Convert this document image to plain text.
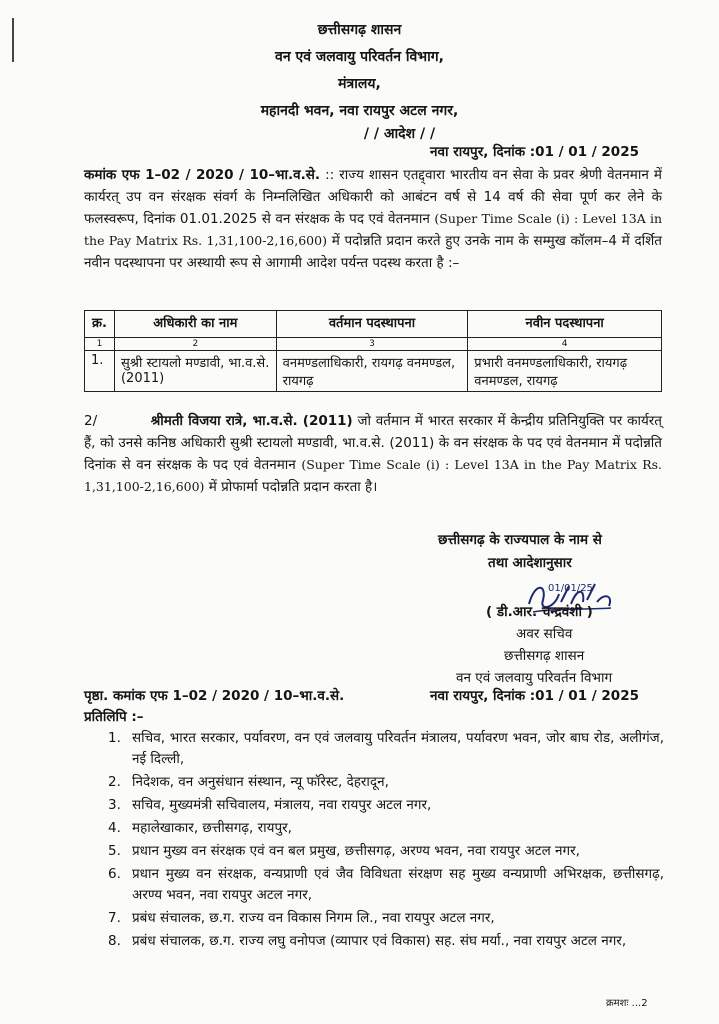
छत्तीसगढ़ शासन
वन एवं जलवायु परिवर्तन विभाग,
मंत्रालय,
महानदी भवन, नवा रायपुर अटल नगर,
/ / आदेश / /
नवा रायपुर, दिनांक :01 / 01 / 2025
कमांक एफ 1–02 / 2020 / 10–भा.व.से. :: राज्य शासन एतद्द्वारा भारतीय वन सेवा के प्रवर श्रेणी वेतनमान में कार्यरत् उप वन संरक्षक संवर्ग के निम्नलिखित अधिकारी को आबंटन वर्ष से 14 वर्ष की सेवा पूर्ण कर लेने के फलस्वरूप, दिनांक 01.01.2025 से वन संरक्षक के पद एवं वेतनमान (Super Time Scale (i) : Level 13A in the Pay Matrix Rs. 1,31,100-2,16,600) में पदोन्नति प्रदान करते हुए उनके नाम के सम्मुख कॉलम–4 में दर्शित नवीन पदस्थापना पर अस्थायी रूप से आगामी आदेश पर्यन्त पदस्थ करता है :–
क्र.	अधिकारी का नाम	वर्तमान पदस्थापना	नवीन पदस्थापना
1	2	3	4
1.	सुश्री स्टायलो मण्डावी, भा.व.से. (2011)	वनमण्डलाधिकारी, रायगढ़ वनमण्डल, रायगढ़	प्रभारी वनमण्डलाधिकारी, रायगढ़ वनमण्डल, रायगढ़
2/	श्रीमती विजया रात्रे, भा.व.से. (2011) जो वर्तमान में भारत सरकार में केन्द्रीय प्रतिनियुक्ति पर कार्यरत् हैं, को उनसे कनिष्ठ अधिकारी सुश्री स्टायलो मण्डावी, भा.व.से. (2011) के वन संरक्षक के पद एवं वेतनमान में पदोन्नति दिनांक से वन संरक्षक के पद एवं वेतनमान (Super Time Scale (i) : Level 13A in the Pay Matrix Rs. 1,31,100-2,16,600) में प्रोफार्मा पदोन्नति प्रदान करता है।
छत्तीसगढ़ के राज्यपाल के नाम से
तथा आदेशानुसार
01/01/25
( डी.आर. चन्द्रवंशी )
अवर सचिव
छत्तीसगढ़ शासन
वन एवं जलवायु परिवर्तन विभाग
पृष्ठा. कमांक एफ 1–02 / 2020 / 10–भा.व.से.	नवा रायपुर, दिनांक :01 / 01 / 2025
प्रतिलिपि :–
1. सचिव, भारत सरकार, पर्यावरण, वन एवं जलवायु परिवर्तन मंत्रालय, पर्यावरण भवन, जोर बाघ रोड, अलीगंज, नई दिल्ली,
2. निदेशक, वन अनुसंधान संस्थान, न्यू फॉरेस्ट, देहरादून,
3. सचिव, मुख्यमंत्री सचिवालय, मंत्रालय, नवा रायपुर अटल नगर,
4. महालेखाकार, छत्तीसगढ़, रायपुर,
5. प्रधान मुख्य वन संरक्षक एवं वन बल प्रमुख, छत्तीसगढ़, अरण्य भवन, नवा रायपुर अटल नगर,
6. प्रधान मुख्य वन संरक्षक, वन्यप्राणी एवं जैव विविधता संरक्षण सह मुख्य वन्यप्राणी अभिरक्षक, छत्तीसगढ़, अरण्य भवन, नवा रायपुर अटल नगर,
7. प्रबंध संचालक, छ.ग. राज्य वन विकास निगम लि., नवा रायपुर अटल नगर,
8. प्रबंध संचालक, छ.ग. राज्य लघु वनोपज (व्यापार एवं विकास) सह. संघ मर्या., नवा रायपुर अटल नगर,
क्रमशः ...2
